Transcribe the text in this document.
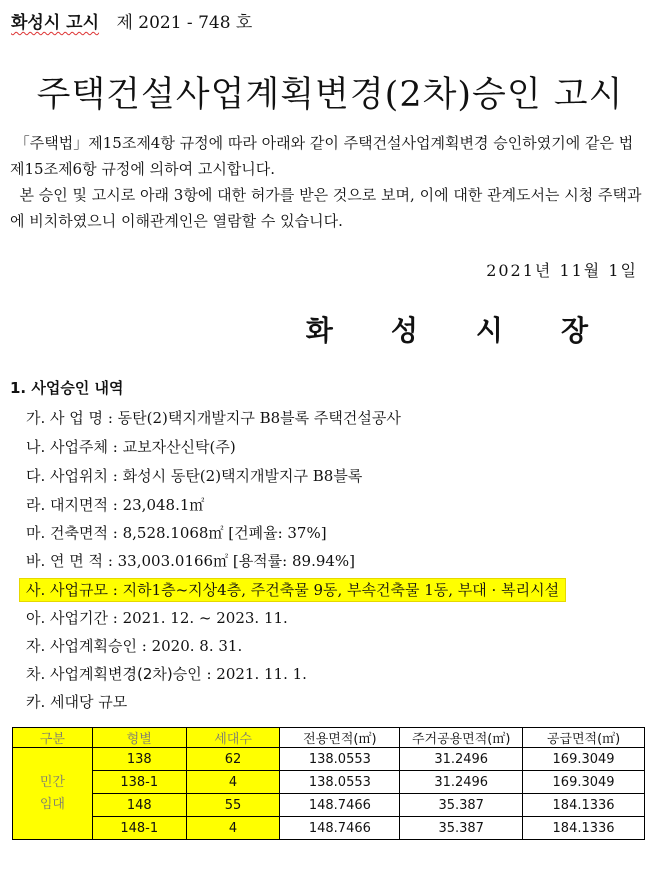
화성시 고시 제 2021 - 748 호
주택건설사업계획변경(2차)승인 고시
「주택법」제15조제4항 규정에 따라 아래와 같이 주택건설사업계획변경 승인하였기에 같은 법 제15조제6항 규정에 의하여 고시합니다.
본 승인 및 고시로 아래 3항에 대한 허가를 받은 것으로 보며, 이에 대한 관계도서는 시청 주택과에 비치하였으니 이해관계인은 열람할 수 있습니다.
2021년 11월 1일
화성시장
1. 사업승인 내역
가. 사 업 명 : 동탄(2)택지개발지구 B8블록 주택건설공사
나. 사업주체 : 교보자산신탁(주)
다. 사업위치 : 화성시 동탄(2)택지개발지구 B8블록
라. 대지면적 : 23,048.1㎡
마. 건축면적 : 8,528.1068㎡ [건폐율: 37%]
바. 연 면 적 : 33,003.0166㎡ [용적률: 89.94%]
사. 사업규모 : 지하1층~지상4층, 주건축물 9동, 부속건축물 1동, 부대 · 복리시설
아. 사업기간 : 2021. 12. ~ 2023. 11.
자. 사업계획승인 : 2020. 8. 31.
차. 사업계획변경(2차)승인 : 2021. 11. 1.
카. 세대당 규모
구분	형별	세대수	전용면적(㎡)	주거공용면적(㎡)	공급면적(㎡)
민간
임대	138	62	138.0553	31.2496	169.3049
	138-1	4	138.0553	31.2496	169.3049
	148	55	148.7466	35.387	184.1336
	148-1	4	148.7466	35.387	184.1336
